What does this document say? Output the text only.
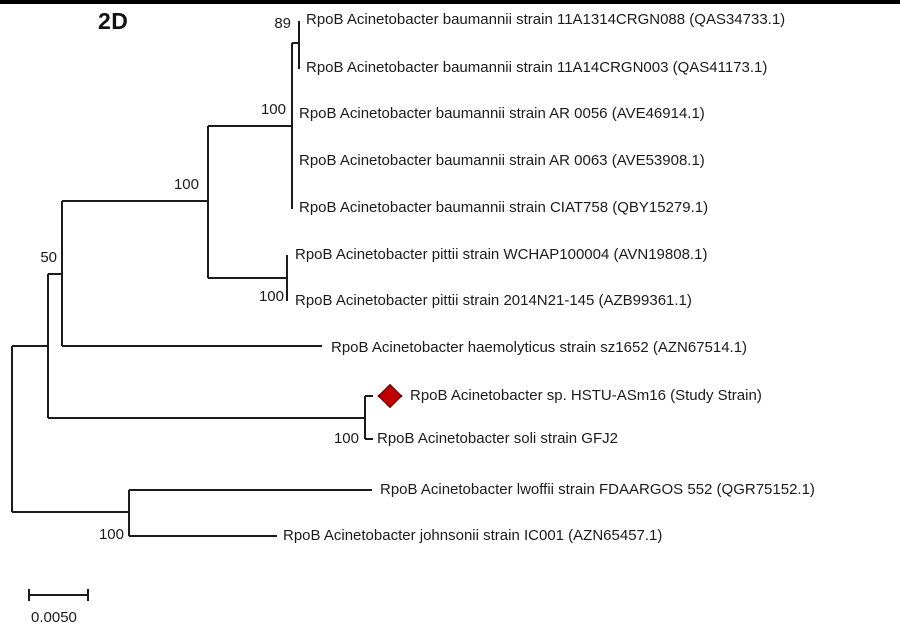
2D	RpoB Acinetobacter baumannii strain 11A1314CRGN088 (QAS34733.1)
RpoB Acinetobacter baumannii strain 11A14CRGN003 (QAS41173.1)
RpoB Acinetobacter baumannii strain AR 0056 (AVE46914.1)
RpoB Acinetobacter baumannii strain AR 0063 (AVE53908.1)
RpoB Acinetobacter baumannii strain CIAT758 (QBY15279.1)
RpoB Acinetobacter pittii strain WCHAP100004 (AVN19808.1)
RpoB Acinetobacter pittii strain 2014N21-145 (AZB99361.1)
RpoB Acinetobacter haemolyticus strain sz1652 (AZN67514.1)
RpoB Acinetobacter sp. HSTU-ASm16 (Study Strain)
RpoB Acinetobacter soli strain GFJ2
RpoB Acinetobacter lwoffii strain FDAARGOS 552 (QGR75152.1)
RpoB Acinetobacter johnsonii strain IC001 (AZN65457.1)
89
100
100
50
100
100
100
0.0050
